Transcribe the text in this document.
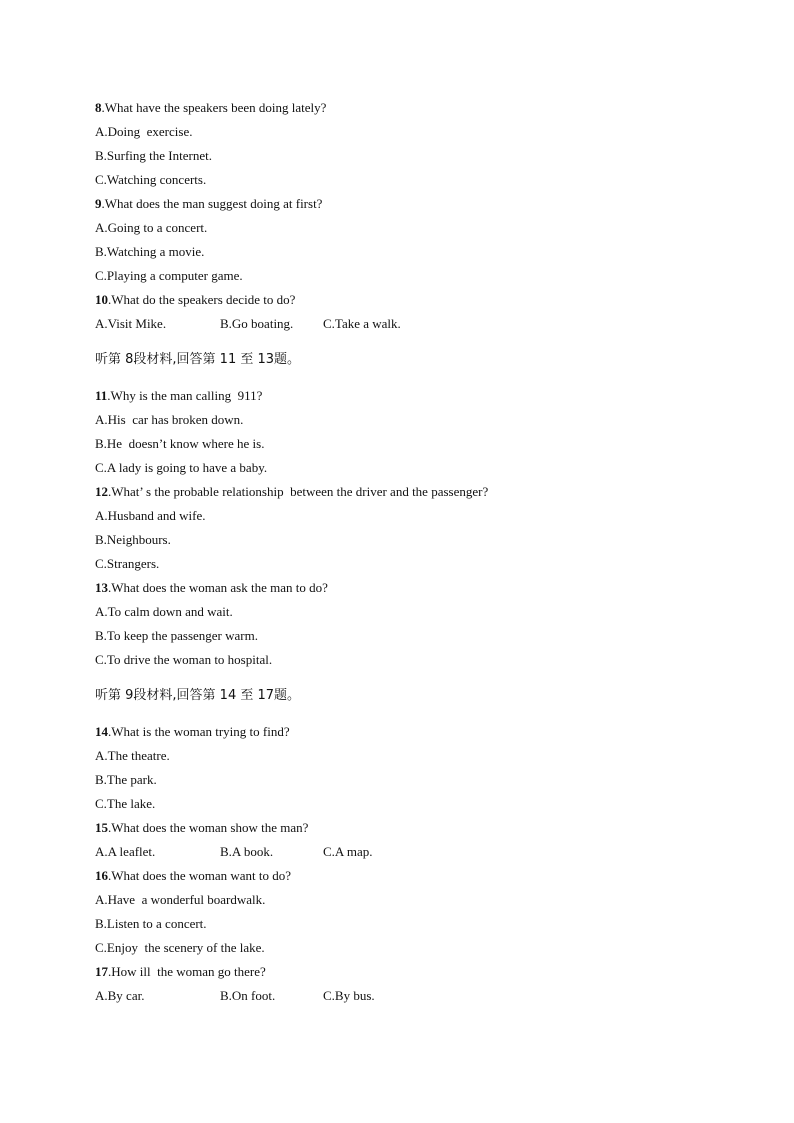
8.What have the speakers been doing lately?
A.Doing  exercise.
B.Surfing the Internet.
C.Watching concerts.
9.What does the man suggest doing at first?
A.Going to a concert.
B.Watching a movie.
C.Playing a computer game.
10.What do the speakers decide to do?
A.Visit Mike.	B.Go boating.	C.Take a walk.
听第 8段材料,回答第 11 至 13题。
11.Why is the man calling  911?
A.His  car has broken down.
B.He  doesn’t know where he is.
C.A lady is going to have a baby.
12.What’ s the probable relationship  between the driver and the passenger?
A.Husband and wife.
B.Neighbours.
C.Strangers.
13.What does the woman ask the man to do?
A.To calm down and wait.
B.To keep the passenger warm.
C.To drive the woman to hospital.
听第 9段材料,回答第 14 至 17题。
14.What is the woman trying to find?
A.The theatre.
B.The park.
C.The lake.
15.What does the woman show the man?
A.A leaflet.	B.A book.	C.A map.
16.What does the woman want to do?
A.Have  a wonderful boardwalk.
B.Listen to a concert.
C.Enjoy  the scenery of the lake.
17.How ill  the woman go there?
A.By car.	B.On foot.	C.By bus.
